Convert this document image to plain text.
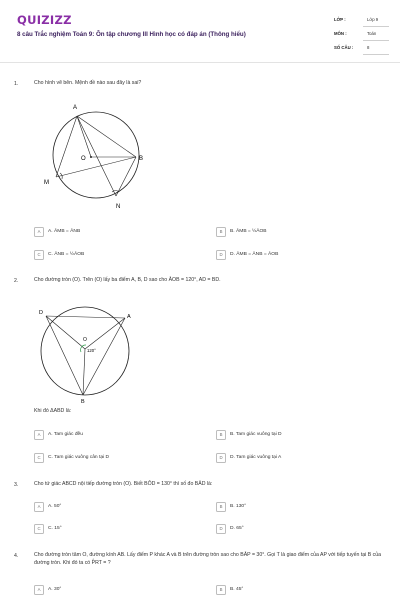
QUIZIZZ
8 câu Trắc nghiệm Toán 9: Ôn tập chương III Hình học có đáp án (Thông hiểu)
LỚP :	Lớp 9
MÔN :	Toán
SỐ CÂU :	8
1.	Cho hình vẽ bên. Mệnh đề nào sau đây là sai?
A
B
O
M
N
A	A. ÂMB = ÂNB	B	B. ÂMB = ½ÂOB
C	C. ÂNB = ½ÂOB	D	D. ÂMB = ÂNB = ÂOB
2.	Cho đường tròn (O). Trên (O) lấy ba điểm A, B, D sao cho ÂOB = 120°, AD = BD.
D
A
B
O
120°
Khi đó ΔABD là:
A	A. Tam giác đều	B	B. Tam giác vuông tại D
C	C. Tam giác vuông cân tại D	D	D. Tam giác vuông tại A
3.	Cho tứ giác ABCD nội tiếp đường tròn (O). Biết BÔD = 130° thì số đo BÂD là:
A	A. 50°	B	B. 130°
C	C. 15°	D	D. 65°
4.	Cho đường tròn tâm O, đường kính AB. Lấy điểm P khác A và B trên đường tròn sao cho BÂP = 30°. Gọi T là giao điểm của AP với tiếp tuyến tại B của đường tròn. Khi đó ta có P̂RT = ?
A	A. 30°	B	B. 45°
